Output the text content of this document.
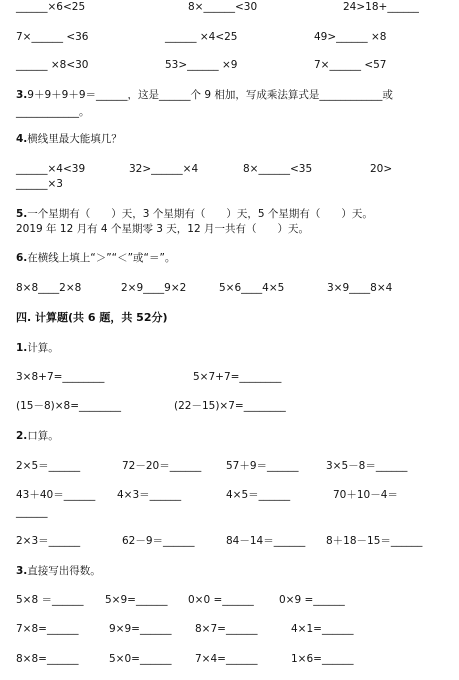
______×6<25	8×______<30	24>18+______
7×______ <36	______ ×4<25	49>______ ×8
______ ×8<30	53>______ ×9	7×______ <57
3.9＋9＋9＋9＝______，这是______个 9 相加，写成乘法算式是____________或
____________。
4.横线里最大能填几？
______×4<39	32>______×4	8×______<35	20>
______×3
5.一个星期有（　　）天，3 个星期有（　　）天，5 个星期有（　　）天。
2019 年 12 月有 4 个星期零 3 天，12 月一共有（　　）天。
6.在横线上填上“＞”“＜”或“＝”。
8×8____2×8	2×9____9×2	5×6____4×5	3×9____8×4
四. 计算题(共 6 题，共 52分)
1.计算。
3×8+7=________	5×7+7=________
(15－8)×8=________	(22－15)×7=________
2.口算。
2×5＝______	72－20＝______ 57＋9＝______	3×5－8＝______
43＋40＝______ 4×3＝______	4×5＝______	70＋10－4＝
______
2×3＝______	62－9＝______	84－14＝______ 8＋18－15＝______
3.直接写出得数。
5×8 ＝______ 5×9=______ 0×0 =______ 0×9 =______
7×8=______	9×9=______ 8×7=______	4×1=______
8×8=______	5×0=______ 7×4=______	1×6=______
